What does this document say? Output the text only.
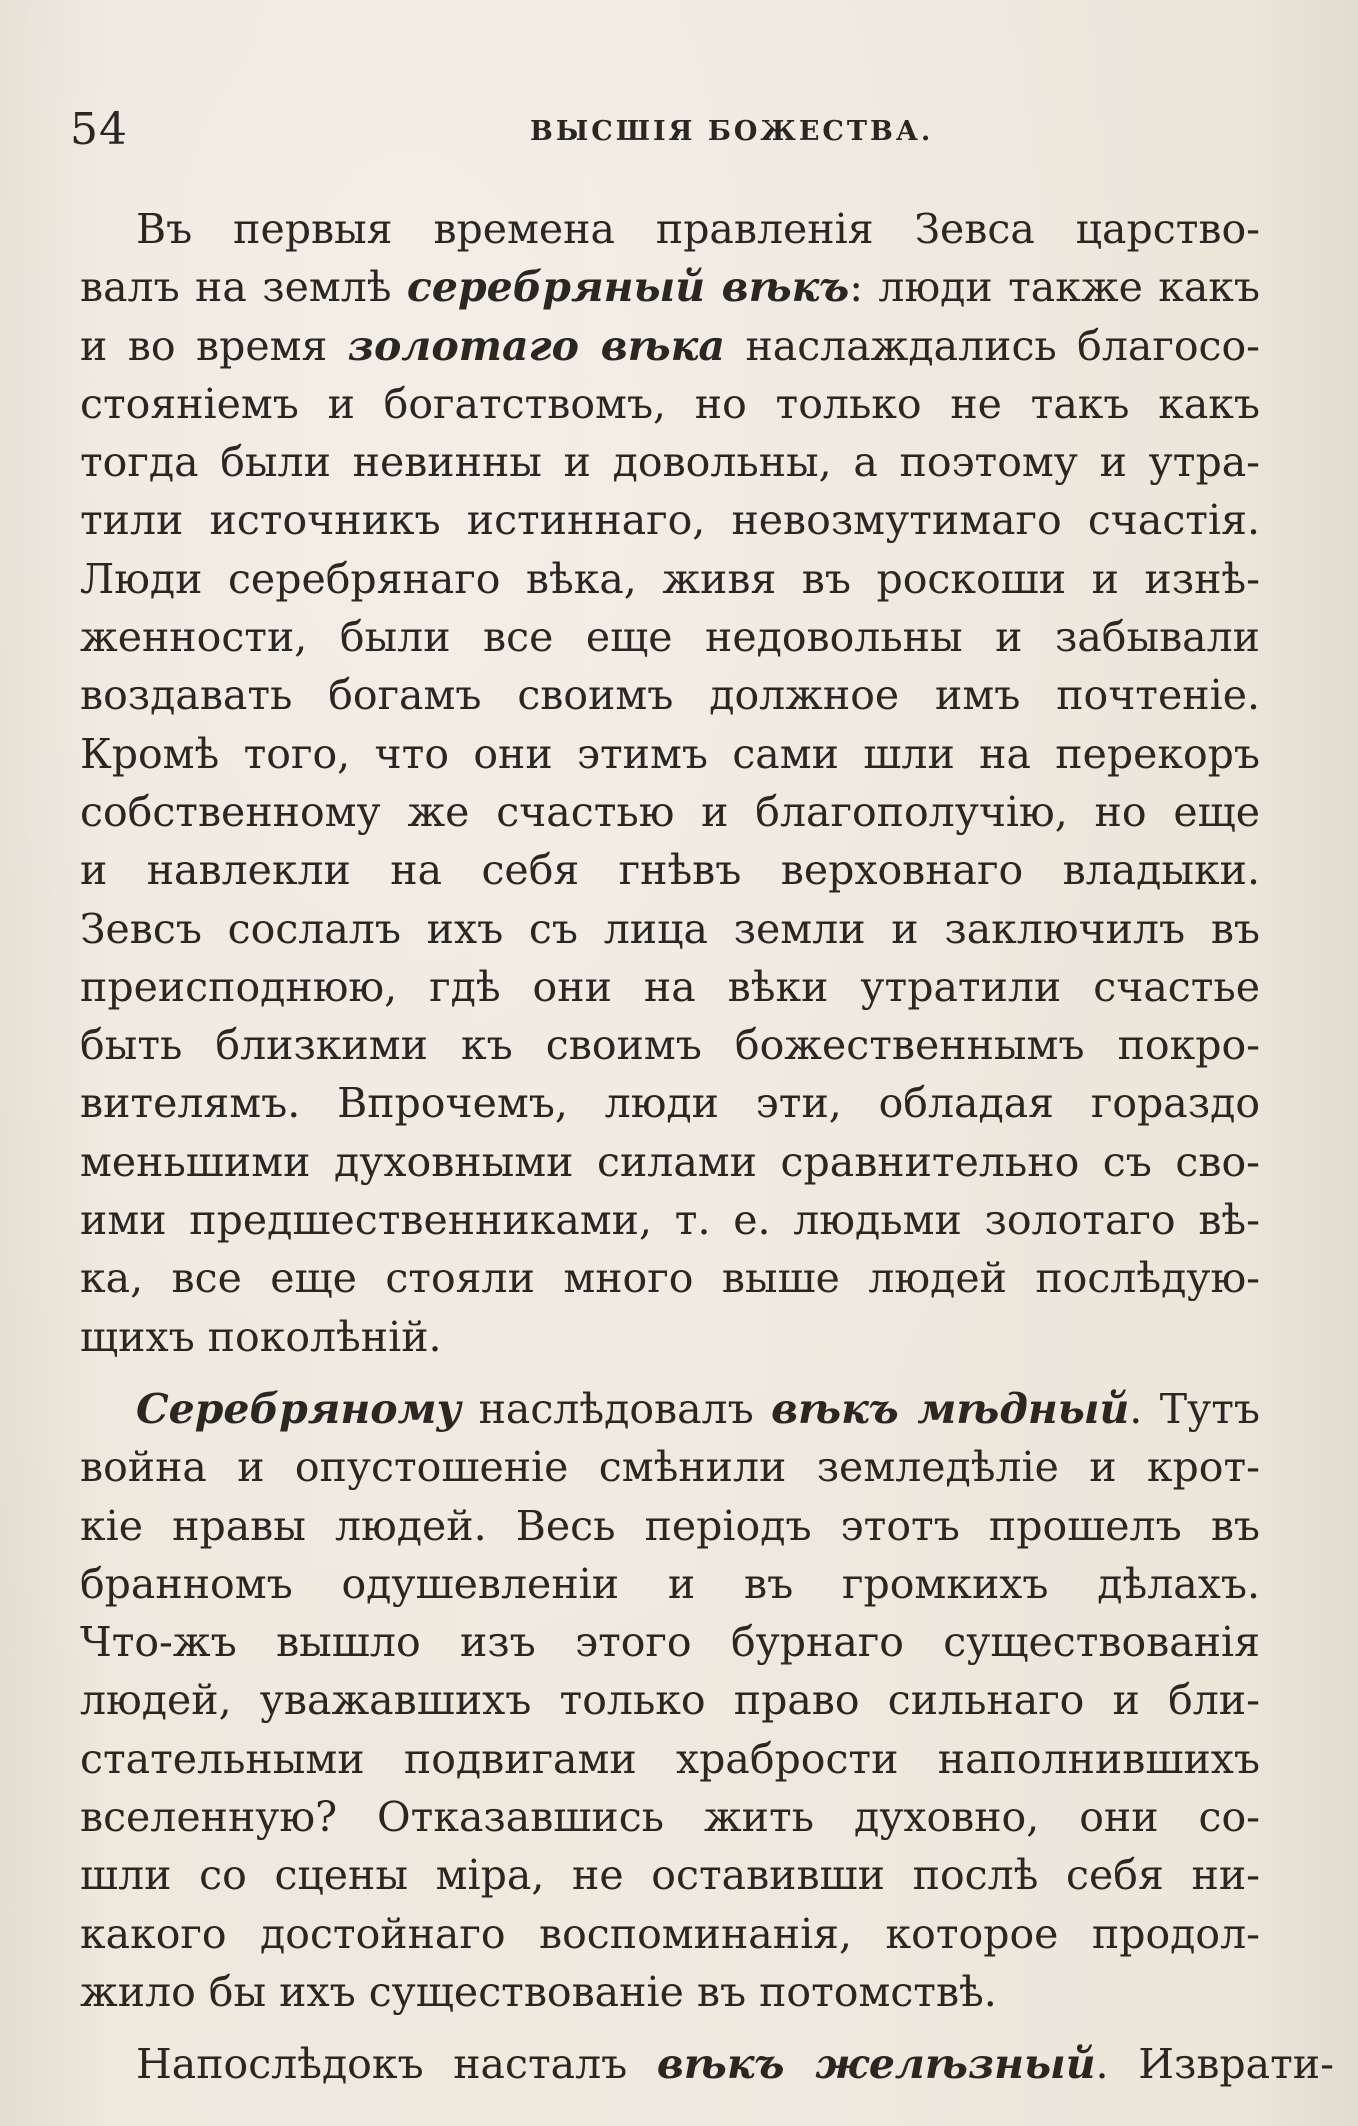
54	ВЫСШІЯ БОЖЕСТВА.
Въ первыя времена правленія Зевса царство-
валъ на землѣ серебряный вѣкъ: люди также какъ
и во время золотаго вѣка наслаждались благосо-
стояніемъ и богатствомъ, но только не такъ какъ
тогда были невинны и довольны, а поэтому и утра-
тили источникъ истиннаго, невозмутимаго счастія.
Люди серебрянаго вѣка, живя въ роскоши и изнѣ-
женности, были все еще недовольны и забывали
воздавать богамъ своимъ должное имъ почтеніе.
Кромѣ того, что они этимъ сами шли на перекоръ
собственному же счастью и благополучію, но еще
и навлекли на себя гнѣвъ верховнаго владыки.
Зевсъ сослалъ ихъ съ лица земли и заключилъ въ
преисподнюю, гдѣ они на вѣки утратили счастье
быть близкими къ своимъ божественнымъ покро-
вителямъ. Впрочемъ, люди эти, обладая гораздо
меньшими духовными силами сравнительно съ сво-
ими предшественниками, т. е. людьми золотаго вѣ-
ка, все еще стояли много выше людей послѣдую-
щихъ поколѣній.
Серебряному наслѣдовалъ вѣкъ мѣдный. Тутъ
война и опустошеніе смѣнили земледѣліе и крот-
кіе нравы людей. Весь періодъ этотъ прошелъ въ
бранномъ одушевленіи и въ громкихъ дѣлахъ.
Что-жъ вышло изъ этого бурнаго существованія
людей, уважавшихъ только право сильнаго и бли-
стательными подвигами храбрости наполнившихъ
вселенную? Отказавшись жить духовно, они со-
шли со сцены міра, не оставивши послѣ себя ни-
какого достойнаго воспоминанія, которое продол-
жило бы ихъ существованіе въ потомствѣ.
Напослѣдокъ насталъ вѣкъ желѣзный. Изврати-
